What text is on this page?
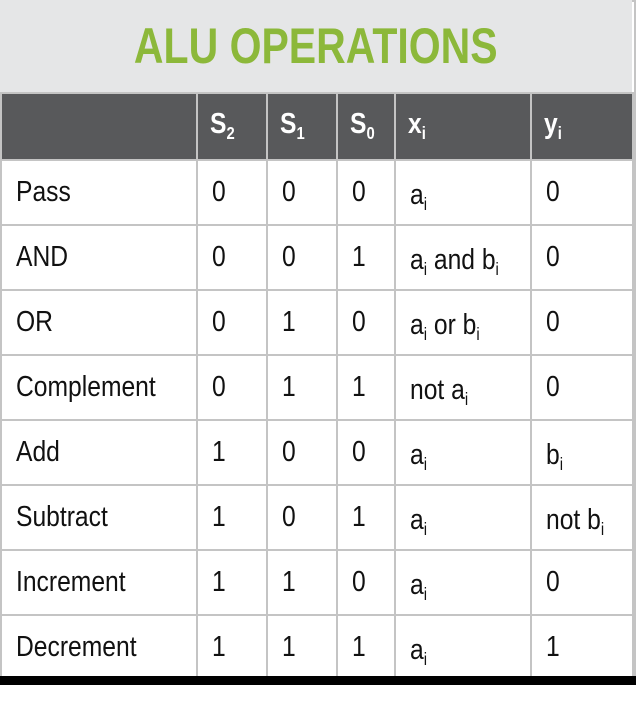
ALU OPERATIONS
	$S_2$	$S_1$	$S_0$	$x_i$	$y_i$
Pass	0	0	0	$a_i$	0
AND	0	0	1	$a_i$ and $b_i$	0
OR	0	1	0	$a_i$ or $b_i$	0
Complement	0	1	1	not $a_i$	0
Add	1	0	0	$a_i$	$b_i$
Subtract	1	0	1	$a_i$	not $b_i$
Increment	1	1	0	$a_i$	0
Decrement	1	1	1	$a_i$	1
